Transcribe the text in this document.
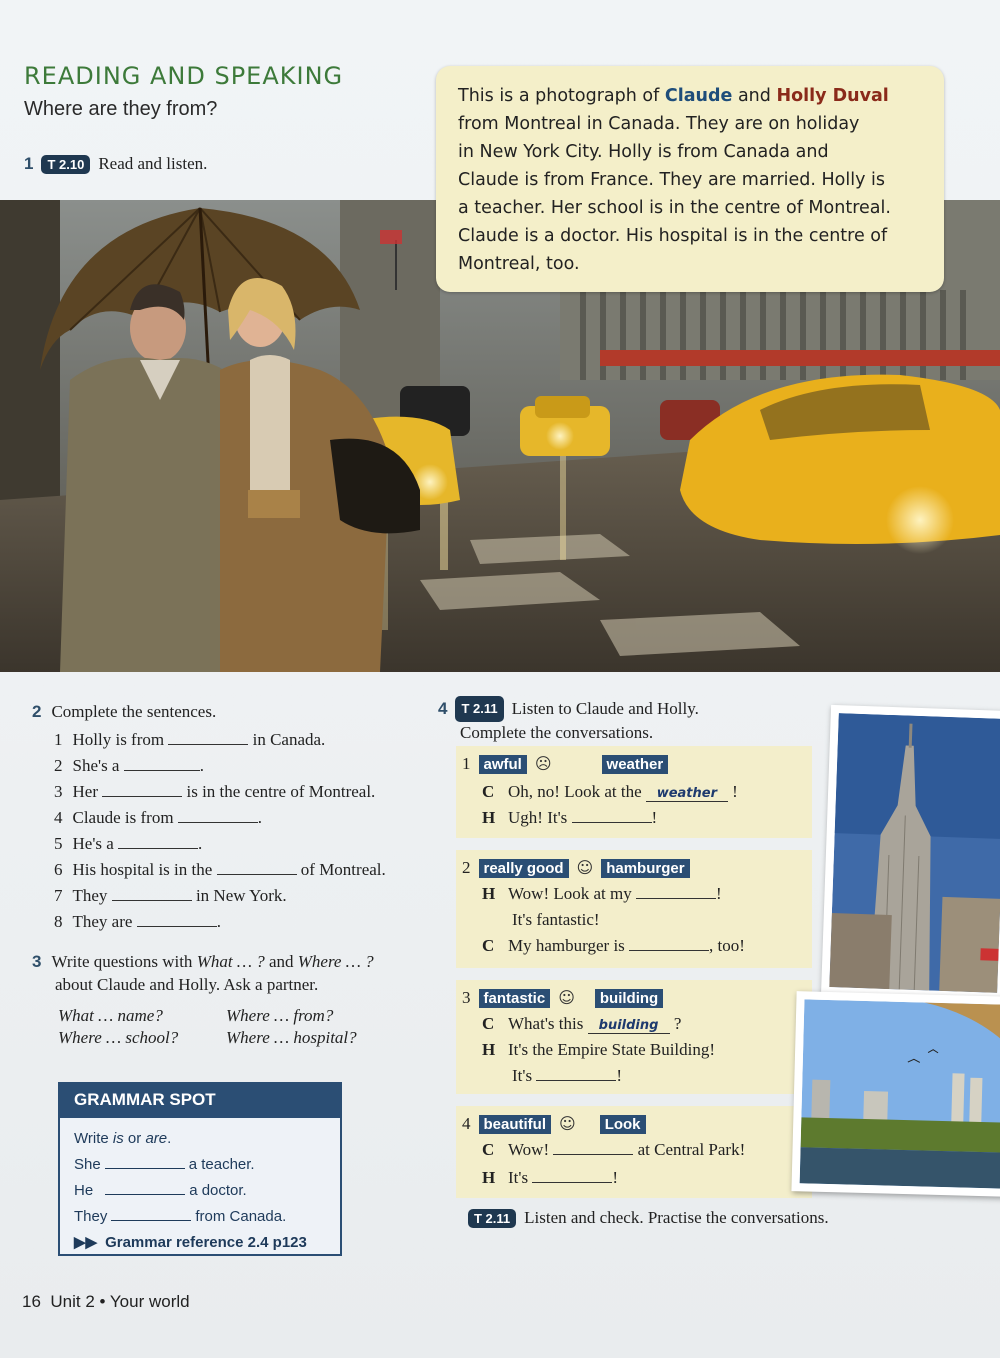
READING AND SPEAKING
Where are they from?
1	T 2.10 Read and listen.
This is a photograph of Claude and Holly Duval
from Montreal in Canada. They are on holiday
in New York City. Holly is from Canada and
Claude is from France. They are married. Holly is
a teacher. Her school is in the centre of Montreal.
Claude is a doctor. His hospital is in the centre of
Montreal, too.
2 Complete the sentences.
1 Holly is from	in Canada.
2 She's a	.
3 Her	is in the centre of Montreal.
4 Claude is from	.
5 He's a	.
6 His hospital is in the	of Montreal.
7 They	in New York.
8 They are	.
3 Write questions with What … ? and Where … ?
about Claude and Holly. Ask a partner.
What … name?	Where … from?
Where … school?	Where … hospital?
GRAMMAR SPOT
Write is or are.
She	a teacher.
He	a doctor.
They	from Canada.
▶▶ Grammar reference 2.4 p123
16 Unit 2 • Your world
4	T 2.11 Listen to Claude and Holly.
Complete the conversations.
1 awful ☹	weather
C Oh, no! Look at the
	weather
!
H Ugh! It's
	!
2 really good ☺ hamburger
H Wow! Look at my
	!
It's fantastic!
C My hamburger is
	, too!
3 fantastic ☺	building
C What's this
	building
?
H It's the Empire State Building!
It's
	!
4 beautiful ☺	Look
C Wow!

	at Central Park!
H It's
	!
T 2.11 Listen and check. Practise the conversations.
